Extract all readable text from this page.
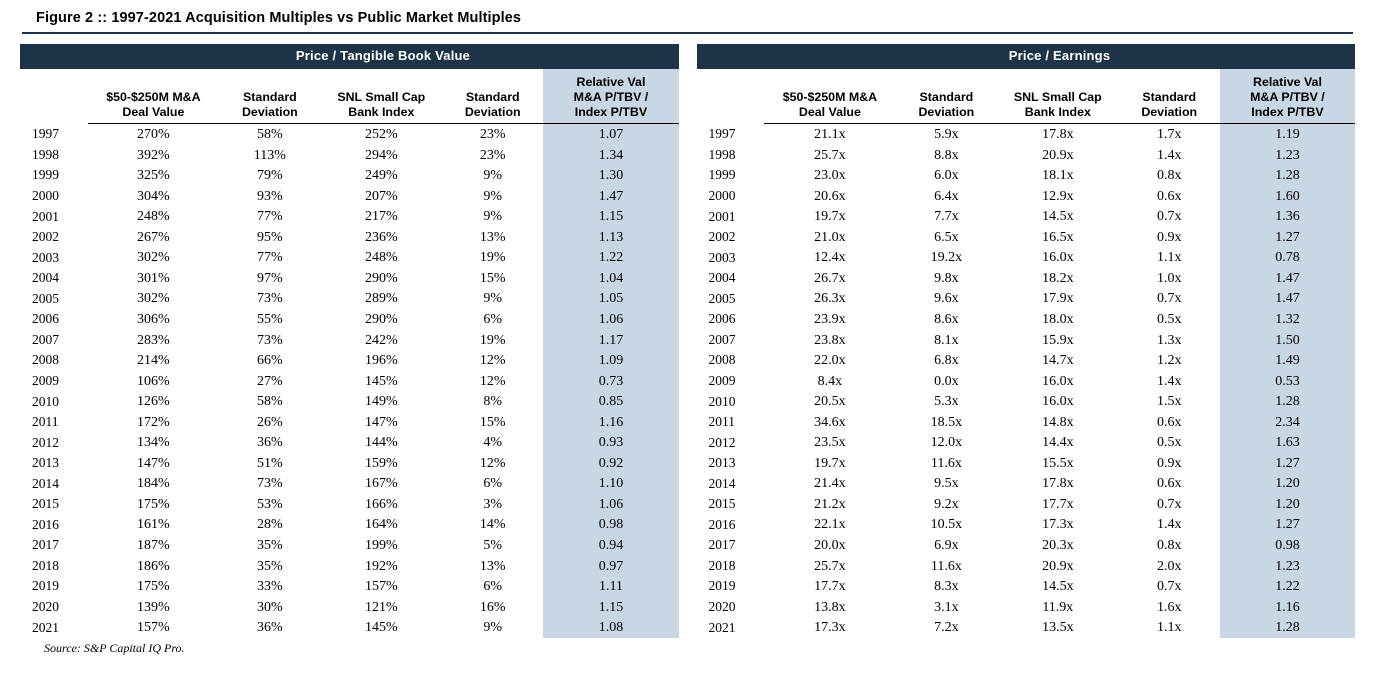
Figure 2 :: 1997-2021 Acquisition Multiples vs Public Market Multiples
	Price / Tangible Book Value				

$50-$250M M&A
Deal Value

Standard
Deviation

SNL Small Cap
Bank Index

Standard
Deviation

Relative Val
M&A P/TBV /
Index P/TBV

1997	270%	58%	252%	23%	1.07
1998	392%	113%	294%	23%	1.34
1999	325%	79%	249%	9%	1.30
2000	304%	93%	207%	9%	1.47
2001	248%	77%	217%	9%	1.15
2002	267%	95%	236%	13%	1.13
2003	302%	77%	248%	19%	1.22
2004	301%	97%	290%	15%	1.04
2005	302%	73%	289%	9%	1.05
2006	306%	55%	290%	6%	1.06
2007	283%	73%	242%	19%	1.17
2008	214%	66%	196%	12%	1.09
2009	106%	27%	145%	12%	0.73
2010	126%	58%	149%	8%	0.85
2011	172%	26%	147%	15%	1.16
2012	134%	36%	144%	4%	0.93
2013	147%	51%	159%	12%	0.92
2014	184%	73%	167%	6%	1.10
2015	175%	53%	166%	3%	1.06
2016	161%	28%	164%	14%	0.98
2017	187%	35%	199%	5%	0.94
2018	186%	35%	192%	13%	0.97
2019	175%	33%	157%	6%	1.11
2020	139%	30%	121%	16%	1.15
2021	157%	36%	145%	9%	1.08
	Price / Earnings				

$50-$250M M&A
Deal Value

Standard
Deviation

SNL Small Cap
Bank Index

Standard
Deviation

Relative Val
M&A P/TBV /
Index P/TBV

1997	21.1x	5.9x	17.8x	1.7x	1.19
1998	25.7x	8.8x	20.9x	1.4x	1.23
1999	23.0x	6.0x	18.1x	0.8x	1.28
2000	20.6x	6.4x	12.9x	0.6x	1.60
2001	19.7x	7.7x	14.5x	0.7x	1.36
2002	21.0x	6.5x	16.5x	0.9x	1.27
2003	12.4x	19.2x	16.0x	1.1x	0.78
2004	26.7x	9.8x	18.2x	1.0x	1.47
2005	26.3x	9.6x	17.9x	0.7x	1.47
2006	23.9x	8.6x	18.0x	0.5x	1.32
2007	23.8x	8.1x	15.9x	1.3x	1.50
2008	22.0x	6.8x	14.7x	1.2x	1.49
2009	8.4x	0.0x	16.0x	1.4x	0.53
2010	20.5x	5.3x	16.0x	1.5x	1.28
2011	34.6x	18.5x	14.8x	0.6x	2.34
2012	23.5x	12.0x	14.4x	0.5x	1.63
2013	19.7x	11.6x	15.5x	0.9x	1.27
2014	21.4x	9.5x	17.8x	0.6x	1.20
2015	21.2x	9.2x	17.7x	0.7x	1.20
2016	22.1x	10.5x	17.3x	1.4x	1.27
2017	20.0x	6.9x	20.3x	0.8x	0.98
2018	25.7x	11.6x	20.9x	2.0x	1.23
2019	17.7x	8.3x	14.5x	0.7x	1.22
2020	13.8x	3.1x	11.9x	1.6x	1.16
2021	17.3x	7.2x	13.5x	1.1x	1.28
Source: S&P Capital IQ Pro.
